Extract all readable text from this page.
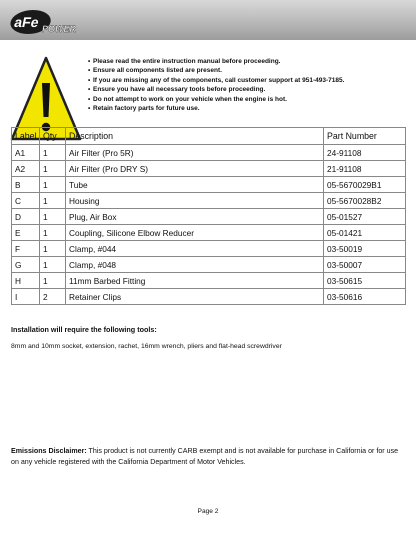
aFe POWER
• Please read the entire instruction manual before proceeding.
• Ensure all components listed are present.
• If you are missing any of the components, call customer support at 951-493-7185.
• Ensure you have all necessary tools before proceeding.
• Do not attempt to work on your vehicle when the engine is hot.
• Retain factory parts for future use.
Label	Qty.	Description	Part Number
A1	1	Air Filter (Pro 5R)	24-91108
A2	1	Air Filter (Pro DRY S)	21-91108
B	1	Tube	05-5670029B1
C	1	Housing	05-5670028B2
D	1	Plug, Air Box	05-01527
E	1	Coupling, Silicone Elbow Reducer	05-01421
F	1	Clamp, #044	03-50019
G	1	Clamp, #048	03-50007
H	1	11mm Barbed Fitting	03-50615
I	2	Retainer Clips	03-50616
Installation will require the following tools:
8mm and 10mm socket, extension, rachet, 16mm wrench, pliers and flat-head screwdriver
Emissions Disclaimer: This product is not currently CARB exempt and is not available for purchase in California or for use on any vehicle registered with the California Department of Motor Vehicles.
Page 2
